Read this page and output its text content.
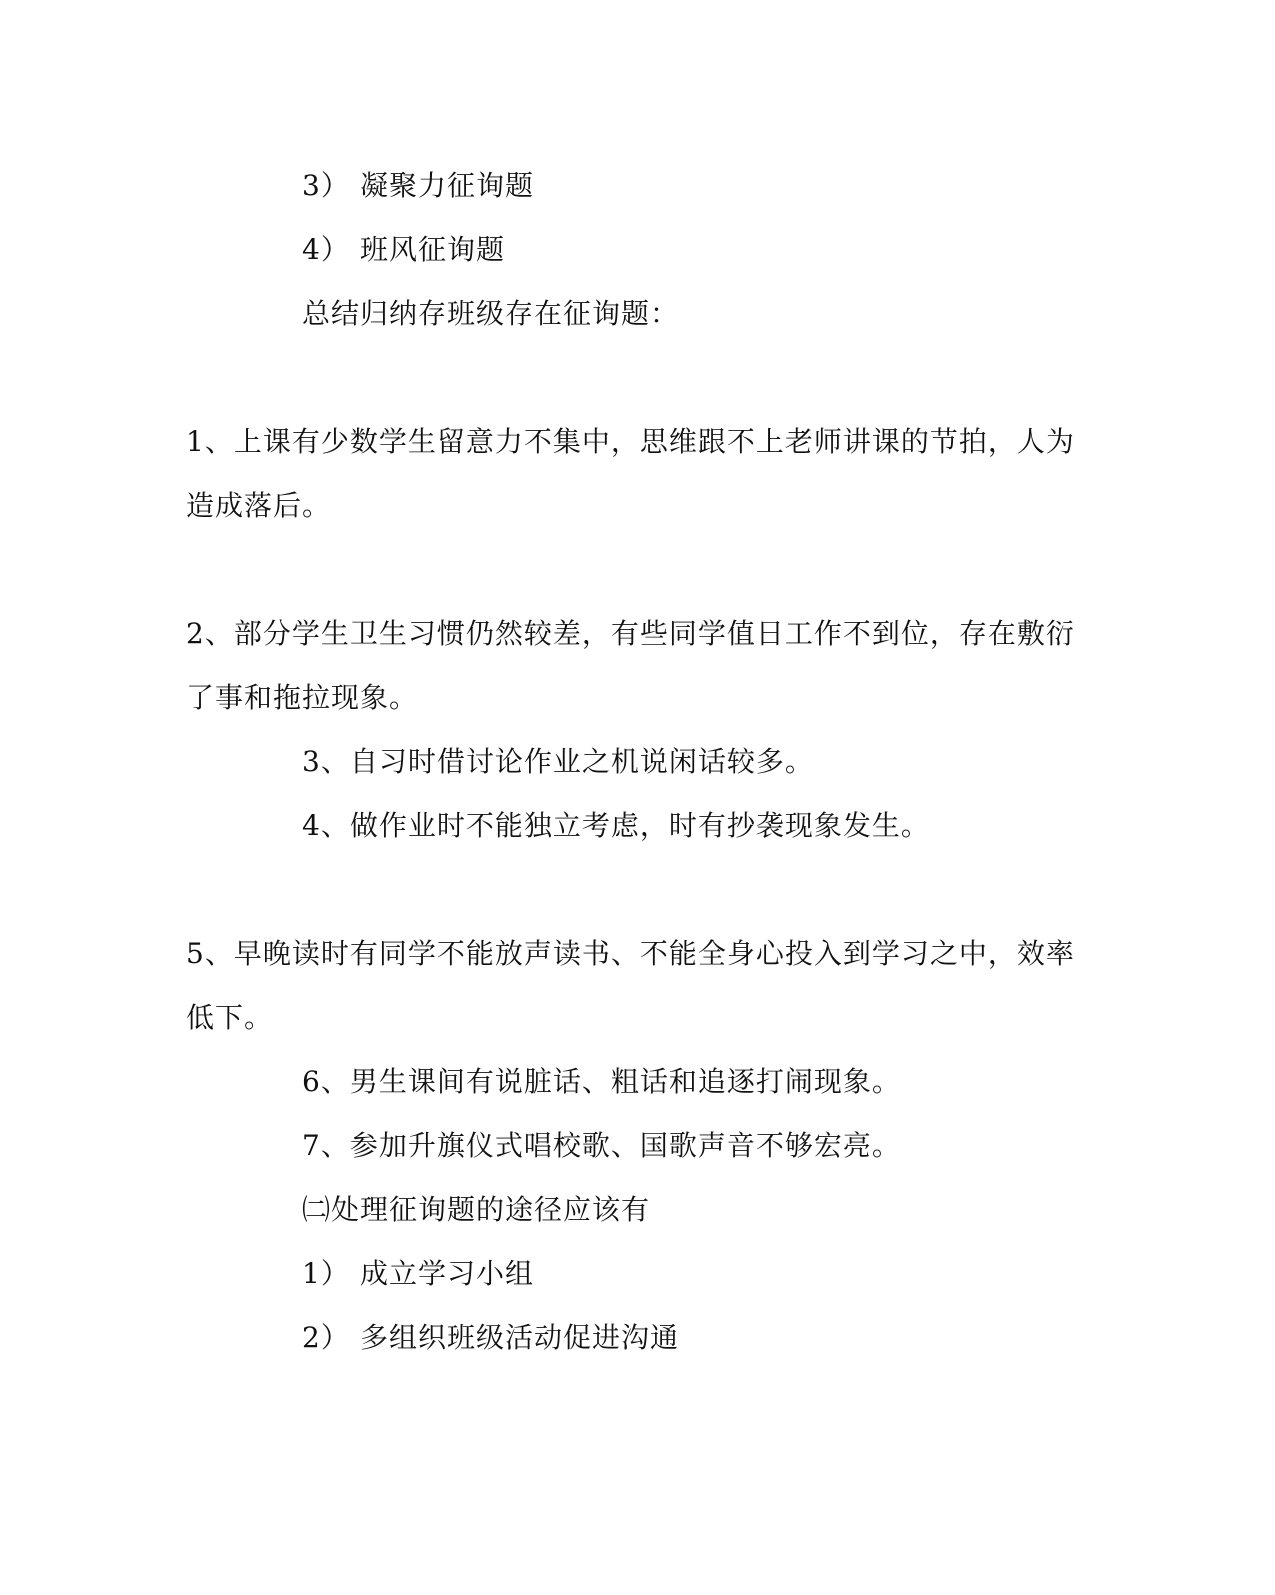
3） 凝聚力征询题
4） 班风征询题
总结归纳存班级存在征询题：
1、上课有少数学生留意力不集中，思维跟不上老师讲课的节拍，人为
造成落后。
2、部分学生卫生习惯仍然较差，有些同学值日工作不到位，存在敷衍
了事和拖拉现象。
3、自习时借讨论作业之机说闲话较多。
4、做作业时不能独立考虑，时有抄袭现象发生。
5、早晚读时有同学不能放声读书、不能全身心投入到学习之中，效率
低下。
6、男生课间有说脏话、粗话和追逐打闹现象。
7、参加升旗仪式唱校歌、国歌声音不够宏亮。
㈡处理征询题的途径应该有
1） 成立学习小组
2） 多组织班级活动促进沟通
